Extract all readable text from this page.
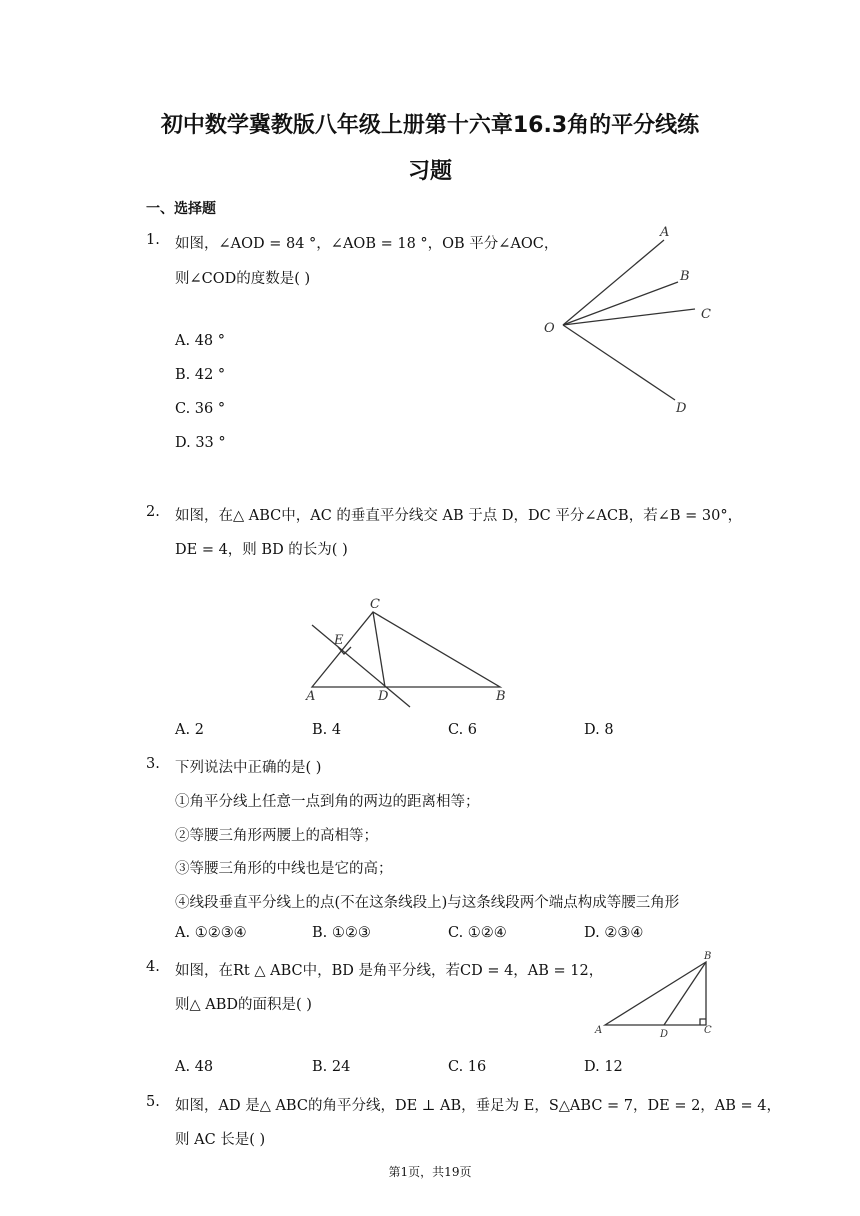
初中数学冀教版八年级上册第十六章16.3角的平分线练
习题
一、选择题
1.	如图，∠AOD = 84 °，∠AOB = 18 °，OB 平分∠AOC，
则∠COD的度数是( )
A. 48 °
B. 42 °
C. 36 °
D. 33 °
A
B
C
O
D
2.	如图，在△ ABC中，AC 的垂直平分线交 AB 于点 D，DC 平分∠ACB，若∠B = 30°，
DE = 4，则 BD 的长为( )
C
E
A	D	B
A. 2	B. 4	C. 6	D. 8
3.	下列说法中正确的是( )
①角平分线上任意一点到角的两边的距离相等；
②等腰三角形两腰上的高相等；
③等腰三角形的中线也是它的高；
④线段垂直平分线上的点(不在这条线段上)与这条线段两个端点构成等腰三角形
A. ①②③④	B. ①②③	C. ①②④	D. ②③④
4.	如图，在Rt △ ABC中，BD 是角平分线，若CD = 4，AB = 12，
则△ ABD的面积是( )
B
A	D	C
A. 48	B. 24	C. 16	D. 12
5.	如图，AD 是△ ABC的角平分线，DE ⊥ AB，垂足为 E，S△ABC = 7，DE = 2，AB = 4，
则 AC 长是( )
第1页，共19页
